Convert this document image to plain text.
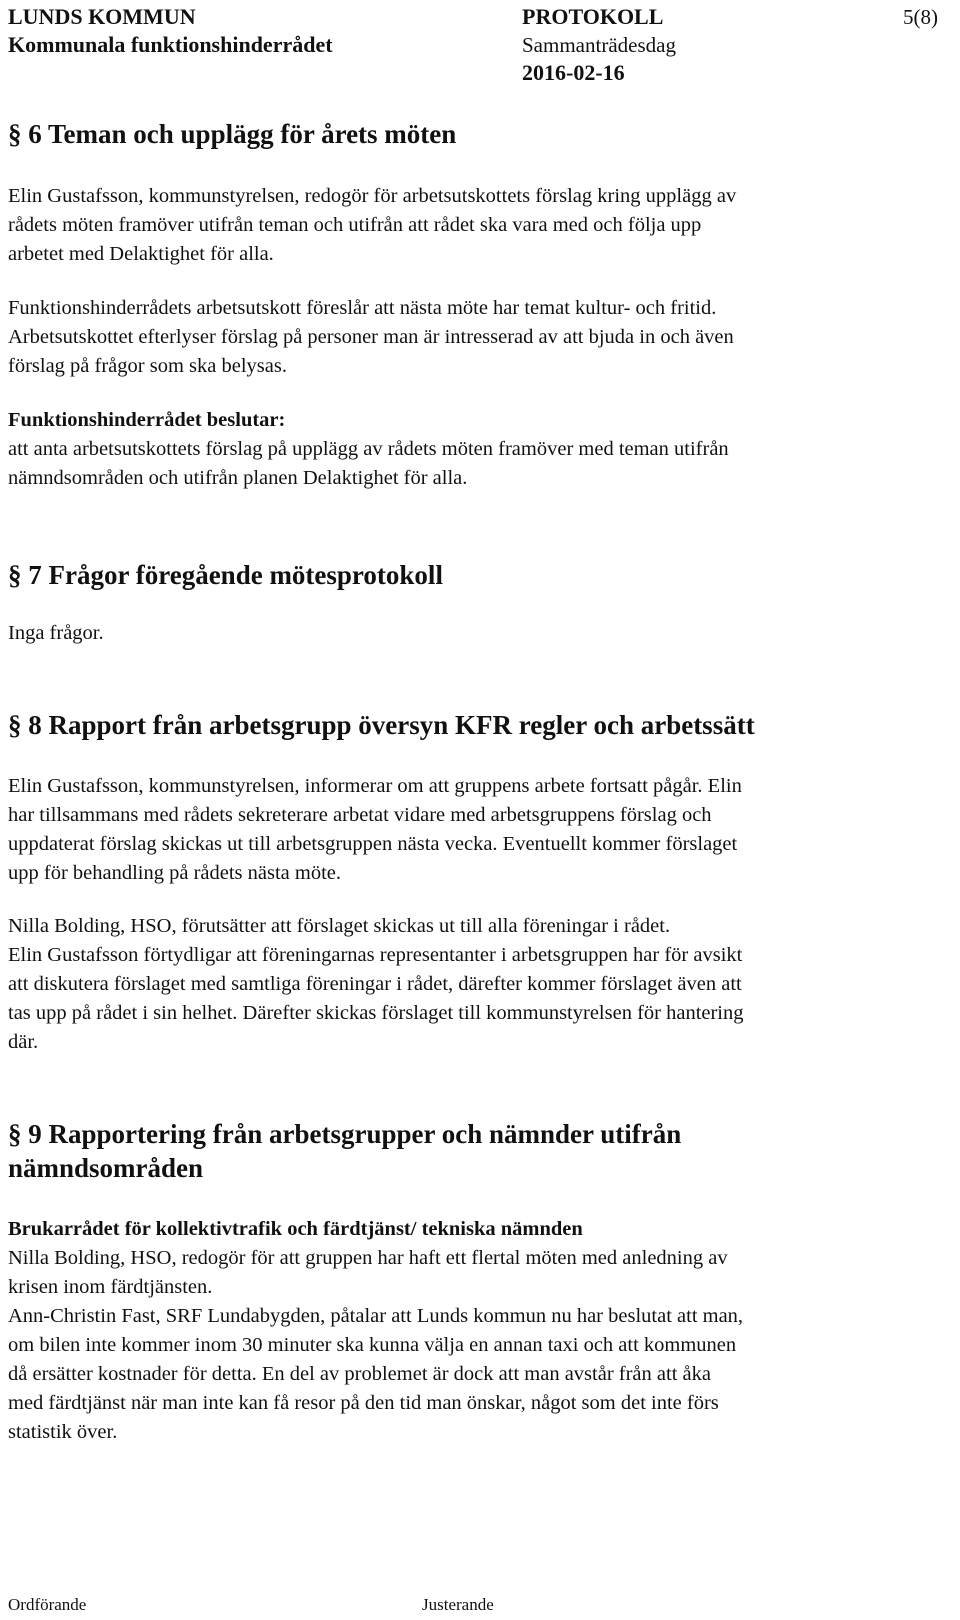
LUNDS KOMMUN
Kommunala funktionshinderrådet
PROTOKOLL
Sammanträdesdag
2016-02-16
5(8)
§ 6 Teman och upplägg för årets möten
Elin Gustafsson, kommunstyrelsen, redogör för arbetsutskottets förslag kring upplägg av
rådets möten framöver utifrån teman och utifrån att rådet ska vara med och följa upp
arbetet med Delaktighet för alla.
Funktionshinderrådets arbetsutskott föreslår att nästa möte har temat kultur- och fritid.
Arbetsutskottet efterlyser förslag på personer man är intresserad av att bjuda in och även
förslag på frågor som ska belysas.
Funktionshinderrådet beslutar:
att anta arbetsutskottets förslag på upplägg av rådets möten framöver med teman utifrån
nämndsområden och utifrån planen Delaktighet för alla.
§ 7 Frågor föregående mötesprotokoll
Inga frågor.
§ 8 Rapport från arbetsgrupp översyn KFR regler och arbetssätt
Elin Gustafsson, kommunstyrelsen, informerar om att gruppens arbete fortsatt pågår. Elin
har tillsammans med rådets sekreterare arbetat vidare med arbetsgruppens förslag och
uppdaterat förslag skickas ut till arbetsgruppen nästa vecka. Eventuellt kommer förslaget
upp för behandling på rådets nästa möte.
Nilla Bolding, HSO, förutsätter att förslaget skickas ut till alla föreningar i rådet.
Elin Gustafsson förtydligar att föreningarnas representanter i arbetsgruppen har för avsikt
att diskutera förslaget med samtliga föreningar i rådet, därefter kommer förslaget även att
tas upp på rådet i sin helhet. Därefter skickas förslaget till kommunstyrelsen för hantering
där.
§ 9 Rapportering från arbetsgrupper och nämnder utifrån
nämndsområden
Brukarrådet för kollektivtrafik och färdtjänst/ tekniska nämnden
Nilla Bolding, HSO, redogör för att gruppen har haft ett flertal möten med anledning av
krisen inom färdtjänsten.
Ann-Christin Fast, SRF Lundabygden, påtalar att Lunds kommun nu har beslutat att man,
om bilen inte kommer inom 30 minuter ska kunna välja en annan taxi och att kommunen
då ersätter kostnader för detta. En del av problemet är dock att man avstår från att åka
med färdtjänst när man inte kan få resor på den tid man önskar, något som det inte förs
statistik över.
Ordförande	Justerande
